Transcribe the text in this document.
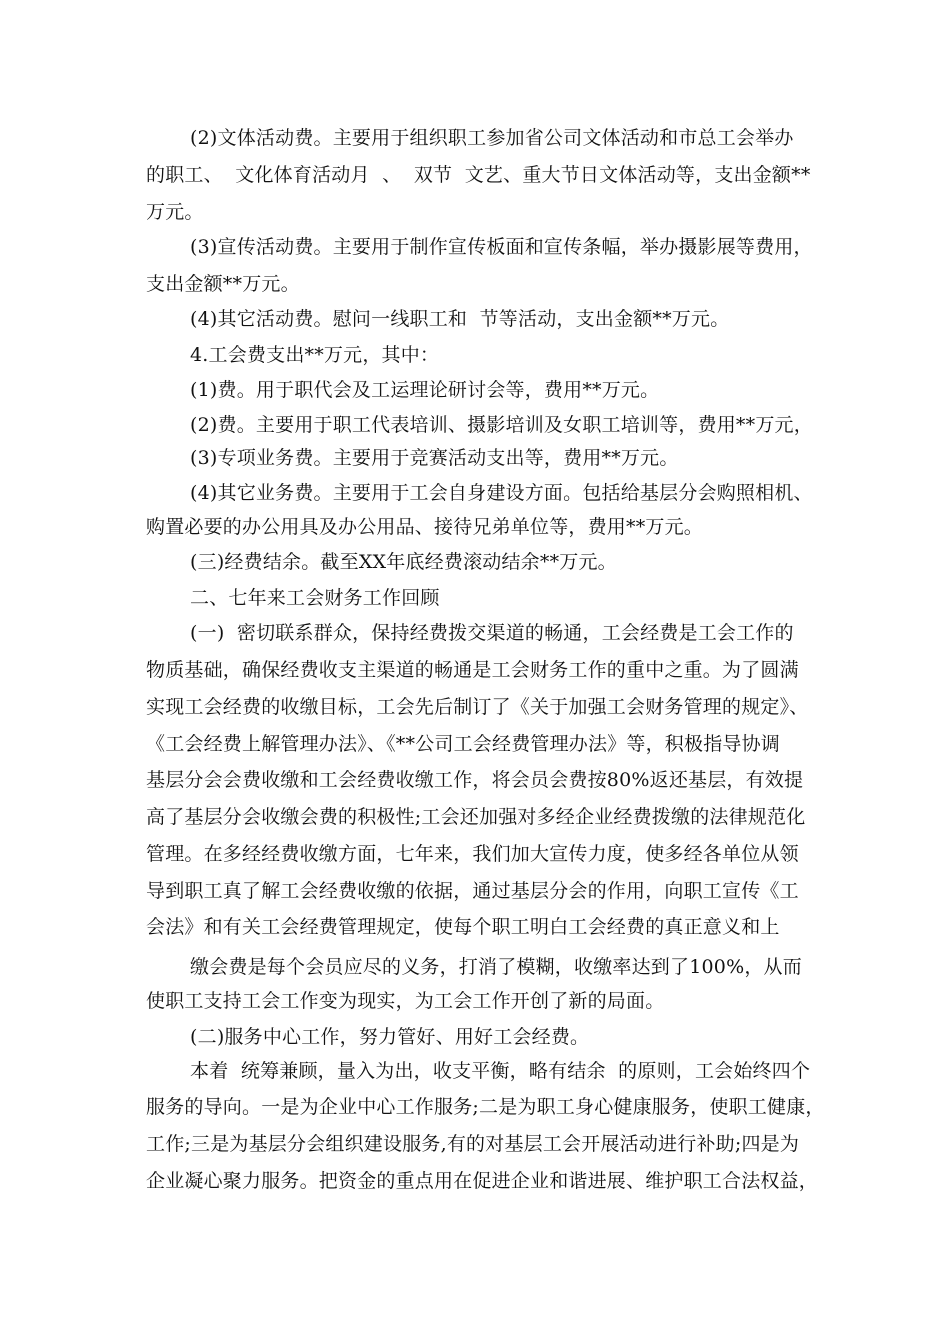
(2)文体活动费。主要用于组织职工参加省公司文体活动和市总工会举办
的职工、  文化体育活动月  、  双节  文艺、重大节日文体活动等，支出金额**
万元。
(3)宣传活动费。主要用于制作宣传板面和宣传条幅，举办摄影展等费用，
支出金额**万元。
(4)其它活动费。慰问一线职工和  节等活动，支出金额**万元。
4.工会费支出**万元，其中：
(1)费。用于职代会及工运理论研讨会等，费用**万元。
(2)费。主要用于职工代表培训、摄影培训及女职工培训等，费用**万元，
(3)专项业务费。主要用于竞赛活动支出等，费用**万元。
(4)其它业务费。主要用于工会自身建设方面。包括给基层分会购照相机、
购置必要的办公用具及办公用品、接待兄弟单位等，费用**万元。
(三)经费结余。截至XX年底经费滚动结余**万元。
二、七年来工会财务工作回顾
(一)  密切联系群众，保持经费拨交渠道的畅通，工会经费是工会工作的
物质基础，确保经费收支主渠道的畅通是工会财务工作的重中之重。为了圆满
实现工会经费的收缴目标，工会先后制订了《关于加强工会财务管理的规定》、
《工会经费上解管理办法》、《**公司工会经费管理办法》等，积极指导协调
基层分会会费收缴和工会经费收缴工作，将会员会费按80%返还基层，有效提
高了基层分会收缴会费的积极性;工会还加强对多经企业经费拨缴的法律规范化
管理。在多经经费收缴方面，七年来，我们加大宣传力度，使多经各单位从领
导到职工真了解工会经费收缴的依据，通过基层分会的作用，向职工宣传《工
会法》和有关工会经费管理规定，使每个职工明白工会经费的真正意义和上
缴会费是每个会员应尽的义务，打消了模糊，收缴率达到了100%，从而
使职工支持工会工作变为现实，为工会工作开创了新的局面。
(二)服务中心工作，努力管好、用好工会经费。
本着  统筹兼顾，量入为出，收支平衡，略有结余  的原则，工会始终四个
服务的导向。一是为企业中心工作服务;二是为职工身心健康服务，使职工健康，
工作;三是为基层分会组织建设服务,有的对基层工会开展活动进行补助;四是为
企业凝心聚力服务。把资金的重点用在促进企业和谐进展、维护职工合法权益，
